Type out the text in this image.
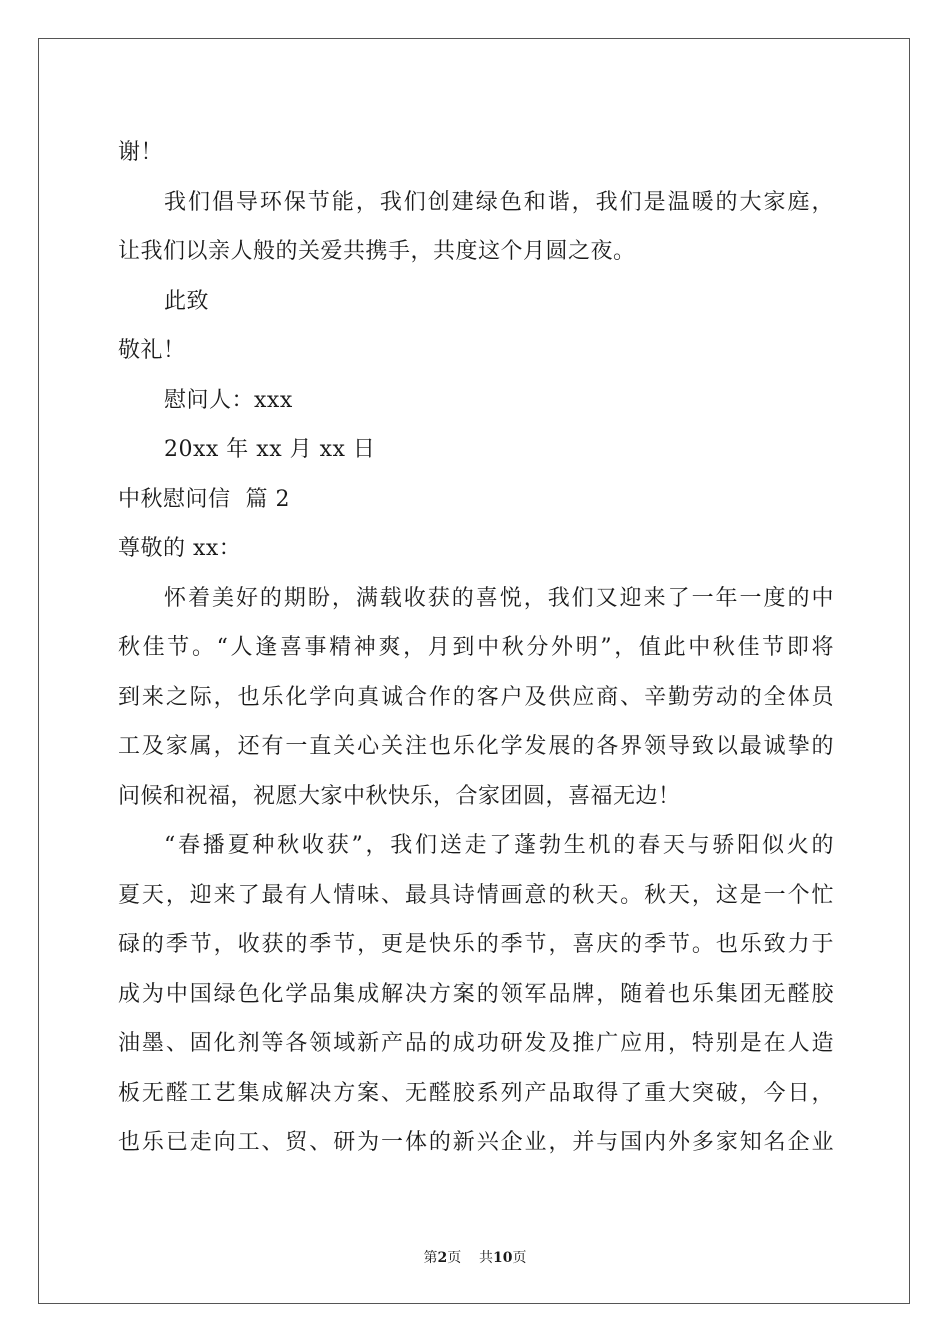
谢！
我们倡导环保节能，我们创建绿色和谐，我们是温暖的大家庭，
让我们以亲人般的关爱共携手，共度这个月圆之夜。
此致
敬礼！
慰问人：xxx
20xx 年 xx 月 xx 日
中秋慰问信  篇 2
尊敬的 xx：
怀着美好的期盼，满载收获的喜悦，我们又迎来了一年一度的中
秋佳节。“人逢喜事精神爽，月到中秋分外明”，值此中秋佳节即将
到来之际，也乐化学向真诚合作的客户及供应商、辛勤劳动的全体员
工及家属，还有一直关心关注也乐化学发展的各界领导致以最诚挚的
问候和祝福，祝愿大家中秋快乐，合家团圆，喜福无边！
“春播夏种秋收获”，我们送走了蓬勃生机的春天与骄阳似火的
夏天，迎来了最有人情味、最具诗情画意的秋天。秋天，这是一个忙
碌的季节，收获的季节，更是快乐的季节，喜庆的季节。也乐致力于
成为中国绿色化学品集成解决方案的领军品牌，随着也乐集团无醛胶
油墨、固化剂等各领域新产品的成功研发及推广应用，特别是在人造
板无醛工艺集成解决方案、无醛胶系列产品取得了重大突破，今日，
也乐已走向工、贸、研为一体的新兴企业，并与国内外多家知名企业
第2页 共10页
